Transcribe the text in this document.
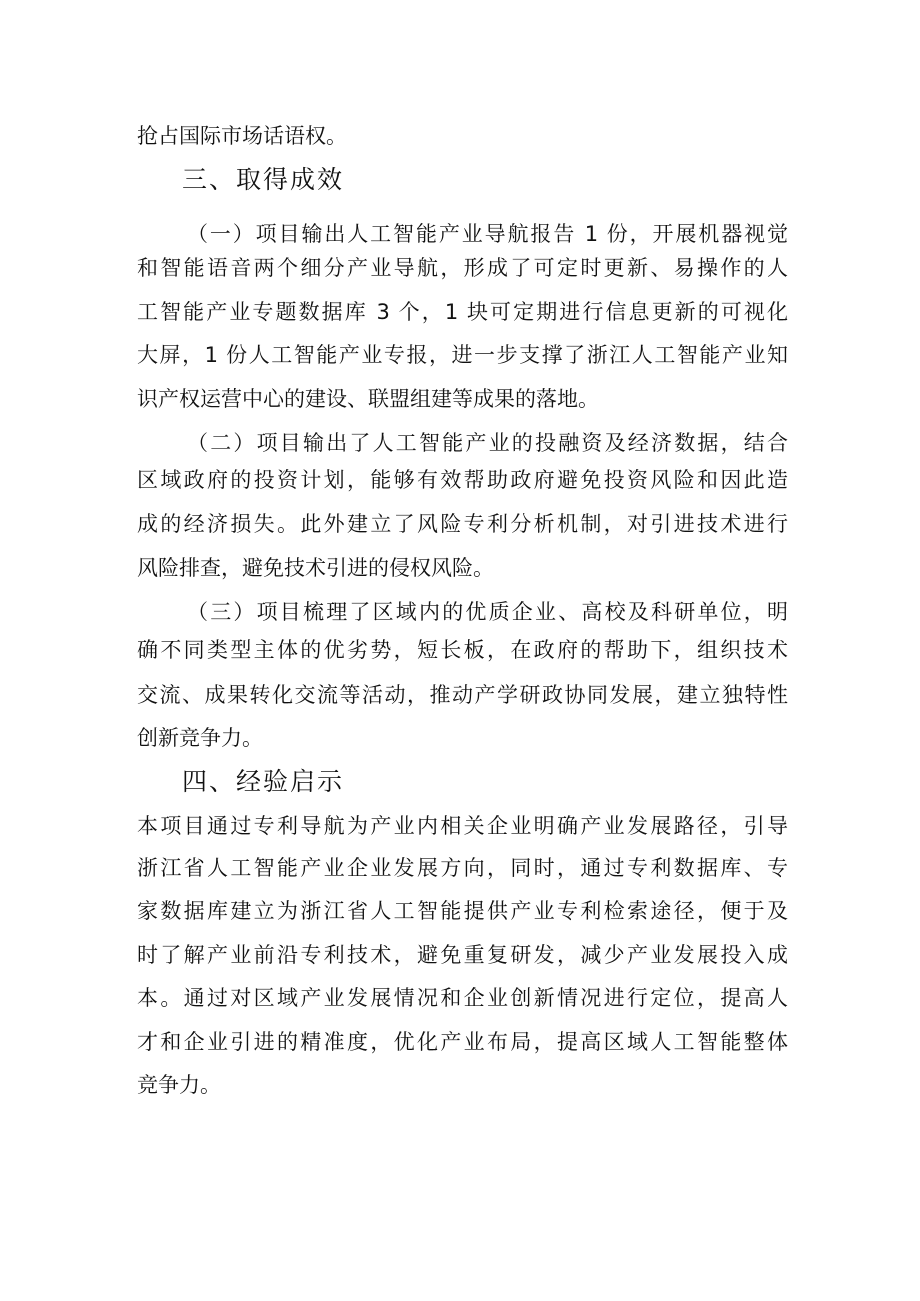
抢占国际市场话语权。
三、取得成效
（一）项目输出人工智能产业导航报告 1 份，开展机器视觉
和智能语音两个细分产业导航，形成了可定时更新、易操作的人
工智能产业专题数据库 3 个，1 块可定期进行信息更新的可视化
大屏，1 份人工智能产业专报，进一步支撑了浙江人工智能产业知
识产权运营中心的建设、联盟组建等成果的落地。
（二）项目输出了人工智能产业的投融资及经济数据，结合
区域政府的投资计划，能够有效帮助政府避免投资风险和因此造
成的经济损失。此外建立了风险专利分析机制，对引进技术进行
风险排查，避免技术引进的侵权风险。
（三）项目梳理了区域内的优质企业、高校及科研单位，明
确不同类型主体的优劣势，短长板，在政府的帮助下，组织技术
交流、成果转化交流等活动，推动产学研政协同发展，建立独特性
创新竞争力。
四、经验启示
本项目通过专利导航为产业内相关企业明确产业发展路径，引导
浙江省人工智能产业企业发展方向，同时，通过专利数据库、专
家数据库建立为浙江省人工智能提供产业专利检索途径，便于及
时了解产业前沿专利技术，避免重复研发，减少产业发展投入成
本。通过对区域产业发展情况和企业创新情况进行定位，提高人
才和企业引进的精准度，优化产业布局，提高区域人工智能整体
竞争力。
